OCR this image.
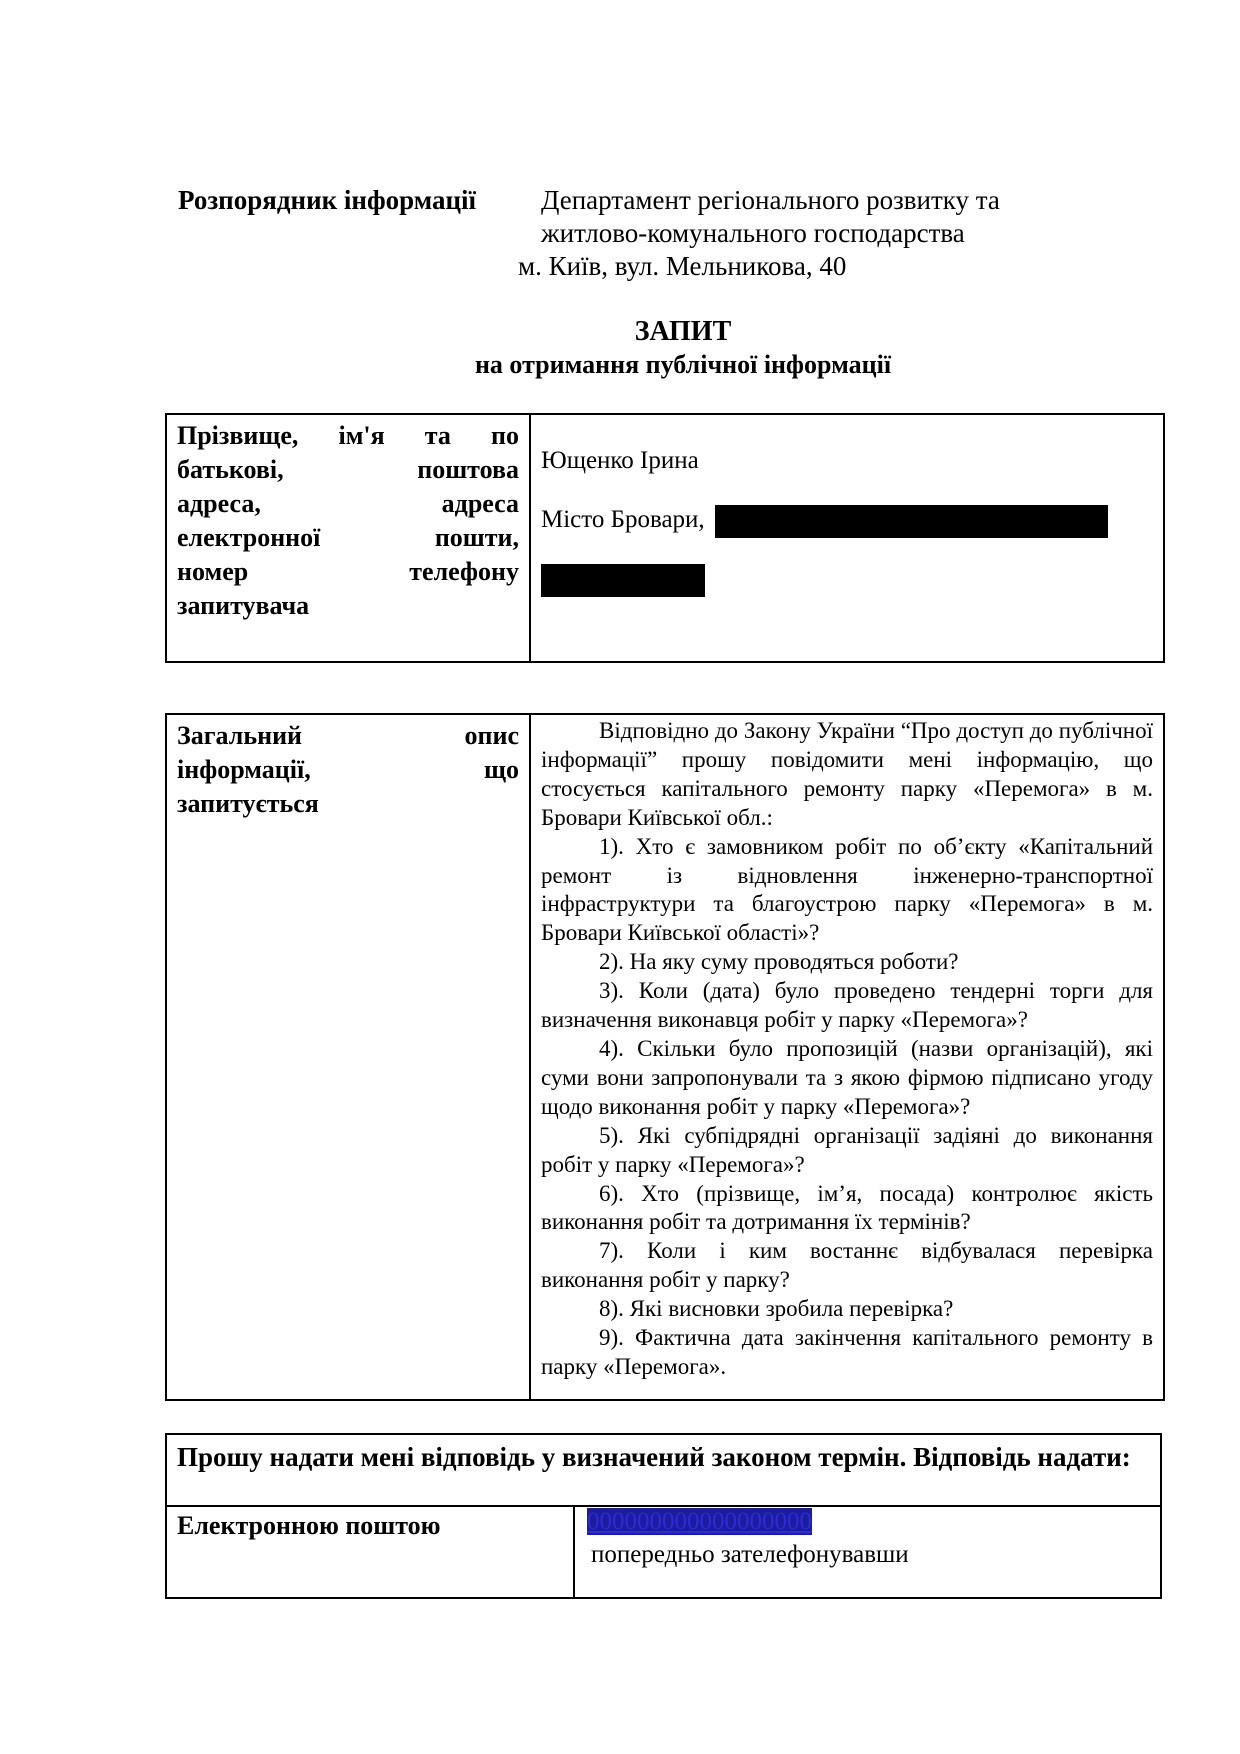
Розпорядник інформації Департамент регіонального розвитку та
житлово-комунального господарства
м. Київ, вул. Мельникова, 40
ЗАПИТ
на отримання публічної інформації
Прізвище, ім'я та по
батькові,	поштова
адреса,	адреса
електронної	пошти,
номер	телефону
запитувача

Ющенко Ірина
Місто Бровари,
Загальний	опис
інформації,	що
запитується

Відповідно до Закону України “Про доступ до публічної інформації” прошу повідомити мені інформацію, що стосується капітального ремонту парку «Перемога» в м. Бровари Київської обл.:

1). Хто є замовником робіт по об’єкту «Капітальний ремонт із відновлення інженерно-транспортної інфраструктури та благоустрою парку «Перемога» в м. Бровари Київської області»?

2). На яку суму проводяться роботи?

3). Коли (дата) було проведено тендерні торги для визначення виконавця робіт у парку «Перемога»?

4). Скільки було пропозицій (назви організацій), які суми вони запропонували та з якою фірмою підписано угоду щодо виконання робіт у парку «Перемога»?

5). Які субпідрядні організації задіяні до виконання робіт у парку «Перемога»?

6). Хто (прізвище, ім’я, посада) контролює якість виконання робіт та дотримання їх термінів?

7). Коли і ким востаннє відбувалася перевірка виконання робіт у парку?

8). Які висновки зробила перевірка?

9). Фактична дата закінчення капітального ремонту в парку «Перемога».

Прошу надати мені відповідь у визначений законом термін. Відповідь надати:

Електронною поштою	000000000000000000
попередньо зателефонувавши
